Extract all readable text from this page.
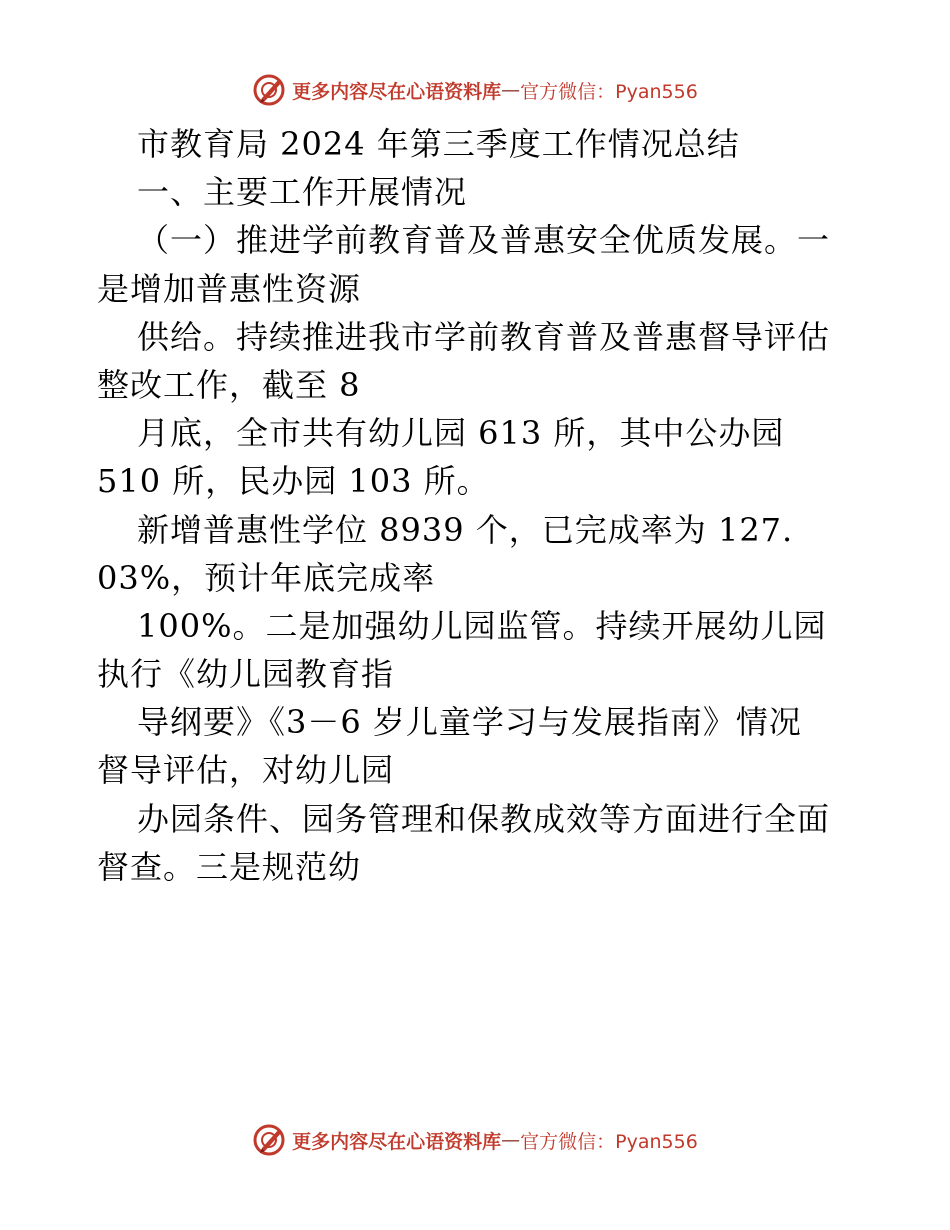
更多内容尽在心语资料库 — 官方微信：Pyan556
市教育局 2024 年第三季度工作情况总结
一、主要工作开展情况
（一）推进学前教育普及普惠安全优质发展。一
是增加普惠性资源
供给。持续推进我市学前教育普及普惠督导评估
整改工作，截至 8
月底，全市共有幼儿园 613 所，其中公办园
510 所，民办园 103 所。
新增普惠性学位 8939 个，已完成率为 127.
03%，预计年底完成率
100%。二是加强幼儿园监管。持续开展幼儿园
执行《幼儿园教育指
导纲要》《3－6 岁儿童学习与发展指南》情况
督导评估，对幼儿园
办园条件、园务管理和保教成效等方面进行全面
督查。三是规范幼
更多内容尽在心语资料库 — 官方微信：Pyan556
